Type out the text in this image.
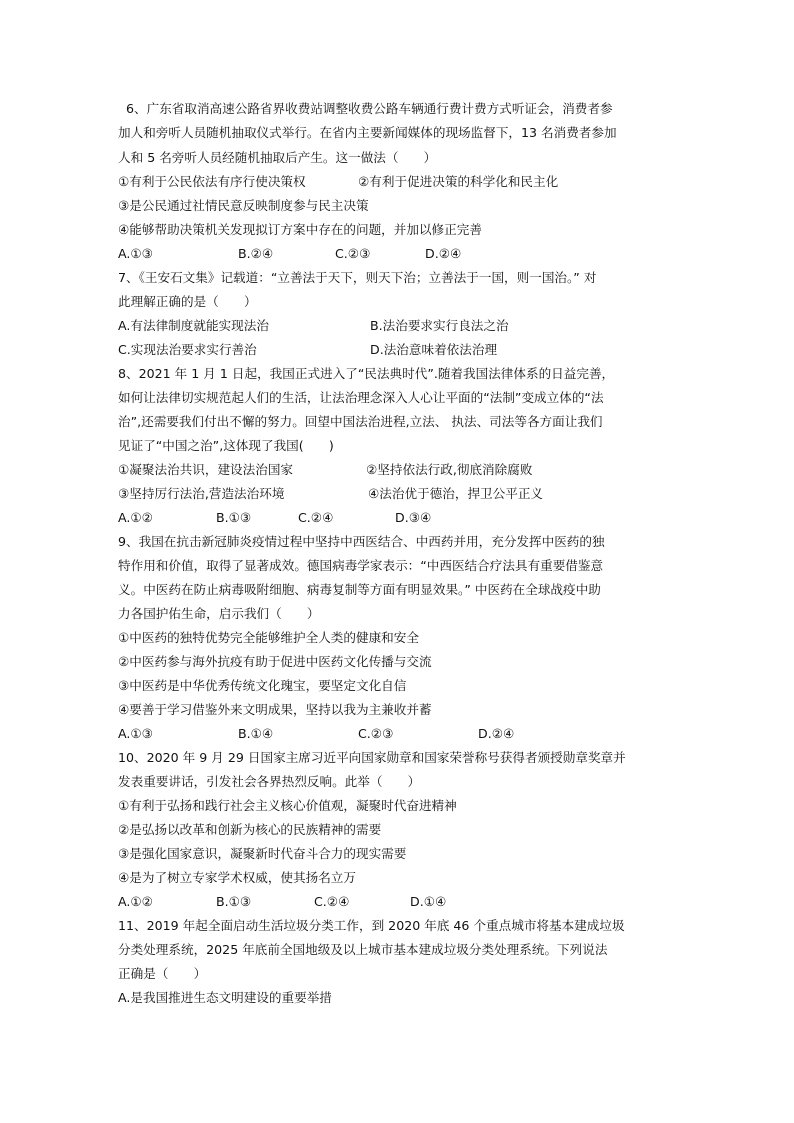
6、广东省取消高速公路省界收费站调整收费公路车辆通行费计费方式听证会，消费者参
加人和旁听人员随机抽取仪式举行。在省内主要新闻媒体的现场监督下，13 名消费者参加
人和 5 名旁听人员经随机抽取后产生。这一做法（　　）
①有利于公民依法有序行使决策权	②有利于促进决策的科学化和民主化
③是公民通过社情民意反映制度参与民主决策
④能够帮助决策机关发现拟订方案中存在的问题，并加以修正完善
A.①③	B.②④	C.②③	D.②④
7、《王安石文集》记载道：“立善法于天下，则天下治；立善法于一国，则一国治。” 对
此理解正确的是（　　）
A.有法律制度就能实现法治	B.法治要求实行良法之治
C.实现法治要求实行善治	D.法治意味着依法治理
8、2021 年 1 月 1 日起，我国正式进入了“民法典时代”.随着我国法律体系的日益完善，
如何让法律切实规范起人们的生活，让法治理念深入人心让平面的“法制”变成立体的“法
治”,还需要我们付出不懈的努力。回望中国法治进程,立法、 执法、司法等各方面让我们
见证了“中国之治”,这体现了我国(　　)
①凝聚法治共识，建设法治国家	②坚持依法行政,彻底消除腐败
③坚持厉行法治,营造法治环境	④法治优于德治，捍卫公平正义
A.①②	B.①③	C.②④	D.③④
9、我国在抗击新冠肺炎疫情过程中坚持中西医结合、中西药并用，充分发挥中医药的独
特作用和价值，取得了显著成效。德国病毒学家表示：“中西医结合疗法具有重要借鉴意
义。中医药在防止病毒吸附细胞、病毒复制等方面有明显效果。” 中医药在全球战疫中助
力各国护佑生命，启示我们（　　）
①中医药的独特优势完全能够维护全人类的健康和安全
②中医药参与海外抗疫有助于促进中医药文化传播与交流
③中医药是中华优秀传统文化瑰宝，要坚定文化自信
④要善于学习借鉴外来文明成果，坚持以我为主兼收并蓄
A.①③	B.①④	C.②③	D.②④
10、2020 年 9 月 29 日国家主席习近平向国家勋章和国家荣誉称号获得者颁授勋章奖章并
发表重要讲话，引发社会各界热烈反响。此举（　　）
①有利于弘扬和践行社会主义核心价值观，凝聚时代奋进精神
②是弘扬以改革和创新为核心的民族精神的需要
③是强化国家意识，凝聚新时代奋斗合力的现实需要
④是为了树立专家学术权威，使其扬名立万
A.①②	B.①③	C.②④	D.①④
11、2019 年起全面启动生活垃圾分类工作，到 2020 年底 46 个重点城市将基本建成垃圾
分类处理系统，2025 年底前全国地级及以上城市基本建成垃圾分类处理系统。下列说法
正确是（　　）
A.是我国推进生态文明建设的重要举措
